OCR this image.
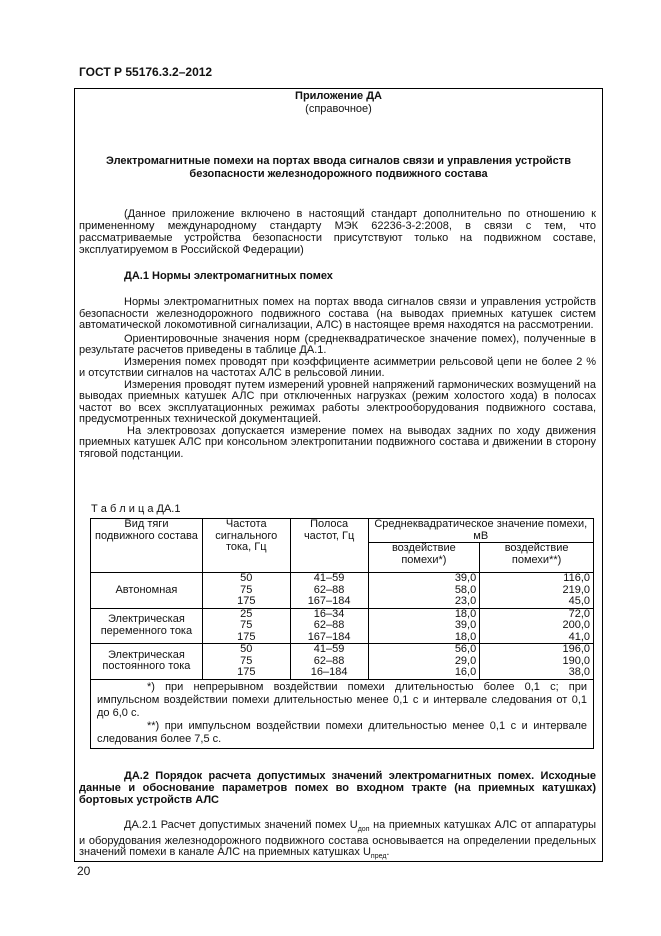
ГОСТ Р 55176.3.2–2012
Приложение ДА
(справочное)
Электромагнитные помехи на портах ввода сигналов связи и управления устройств
безопасности железнодорожного подвижного состава

(Данное приложение включено в настоящий стандарт дополнительно по отношению к примененному международному стандарту МЭК 62236-3-2:2008, в связи с тем, что рассматриваемые устройства безопасности присутствуют только на подвижном составе, эксплуатируемом в Российской Федерации)

ДА.1 Нормы электромагнитных помех

Нормы электромагнитных помех на портах ввода сигналов связи и управления устройств безопасности железнодорожного подвижного состава (на выводах приемных катушек систем автоматической локомотивной сигнализации, АЛС) в настоящее время находятся на рассмотрении.

Ориентировочные значения норм (среднеквадратическое значение помех), полученные в результате расчетов приведены в таблице ДА.1.

Измерения помех проводят при коэффициенте асимметрии рельсовой цепи не более 2 % и отсутствии сигналов на частотах АЛС в рельсовой линии.

Измерения проводят путем измерений уровней напряжений гармонических возмущений на выводах приемных катушек АЛС при отключенных нагрузках (режим холостого хода) в полосах частот во всех эксплуатационных режимах работы электрооборудования подвижного состава, предусмотренных технической документацией.

На электровозах допускается измерение помех на выводах задних по ходу движения приемных катушек АЛС при консольном электропитании подвижного состава и движении в сторону тяговой подстанции.

Т а б л и ц а ДА.1
Вид тяги подвижного состава	Частота сигнального тока, Гц	Полоса частот, Гц	Среднеквадратическое значение помехи, мВ	
			воздействие помехи*)	воздействие помехи**)
Автономная	50	41–59	39,0	116,0
	75	62–88	58,0	219,0
	175	167–184	23,0	45,0
Электрическая переменного тока	25	16–34	18,0	72,0
	75	62–88	39,0	200,0
	175	167–184	18,0	41,0
Электрическая постоянного тока	50	41–59	56,0	196,0
	75	62–88	29,0	190,0
	175	16–184	16,0	38,0

*) при непрерывном воздействии помехи длительностью более 0,1 с; при импульсном воздействии помехи длительностью менее 0,1 с и интервале следования от 0,1 до 6,0 с.
**) при импульсном воздействии помехи длительностью менее 0,1 с и интервале следования более 7,5 с.				

ДА.2 Порядок расчета допустимых значений электромагнитных помех. Исходные данные и обоснование параметров помех во входном тракте (на приемных катушках) бортовых устройств АЛС

ДА.2.1 Расчет допустимых значений помех $U_{доп}$ на приемных катушках АЛС от аппаратуры и оборудования железнодорожного подвижного состава основывается на определении предельных значений помехи в канале АЛС на приемных катушках $U_{пред}$.

20
